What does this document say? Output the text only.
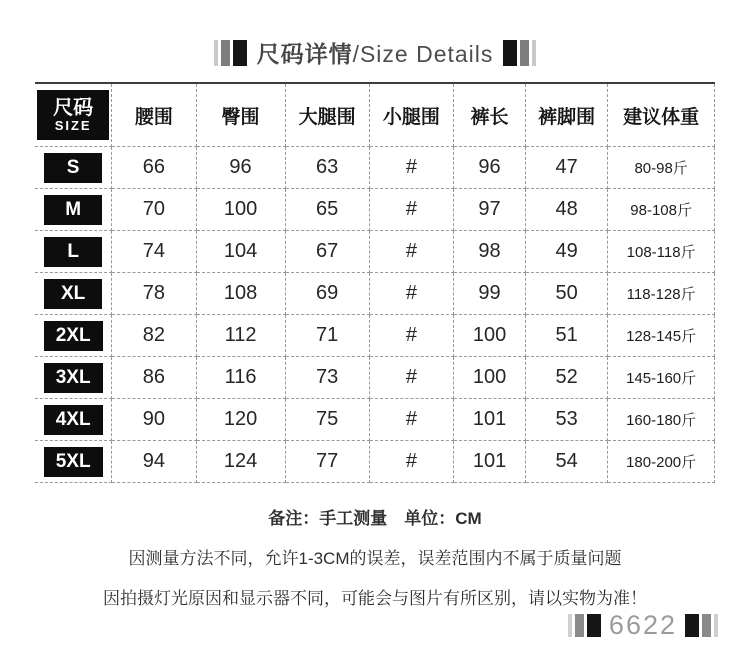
尺码详情/Size Details
尺码
SIZE	腰围	臀围	大腿围	小腿围	裤长	裤脚围	建议体重
S	66	96	63	#	96	47	80-98斤
M	70	100	65	#	97	48	98-108斤
L	74	104	67	#	98	49	108-118斤
XL	78	108	69	#	99	50	118-128斤
2XL	82	112	71	#	100	51	128-145斤
3XL	86	116	73	#	100	52	145-160斤
4XL	90	120	75	#	101	53	160-180斤
5XL	94	124	77	#	101	54	180-200斤

备注：手工测量　单位：CM

因测量方法不同，允许1-3CM的误差，误差范围内不属于质量问题

因拍摄灯光原因和显示器不同，可能会与图片有所区别，请以实物为准！

6622
